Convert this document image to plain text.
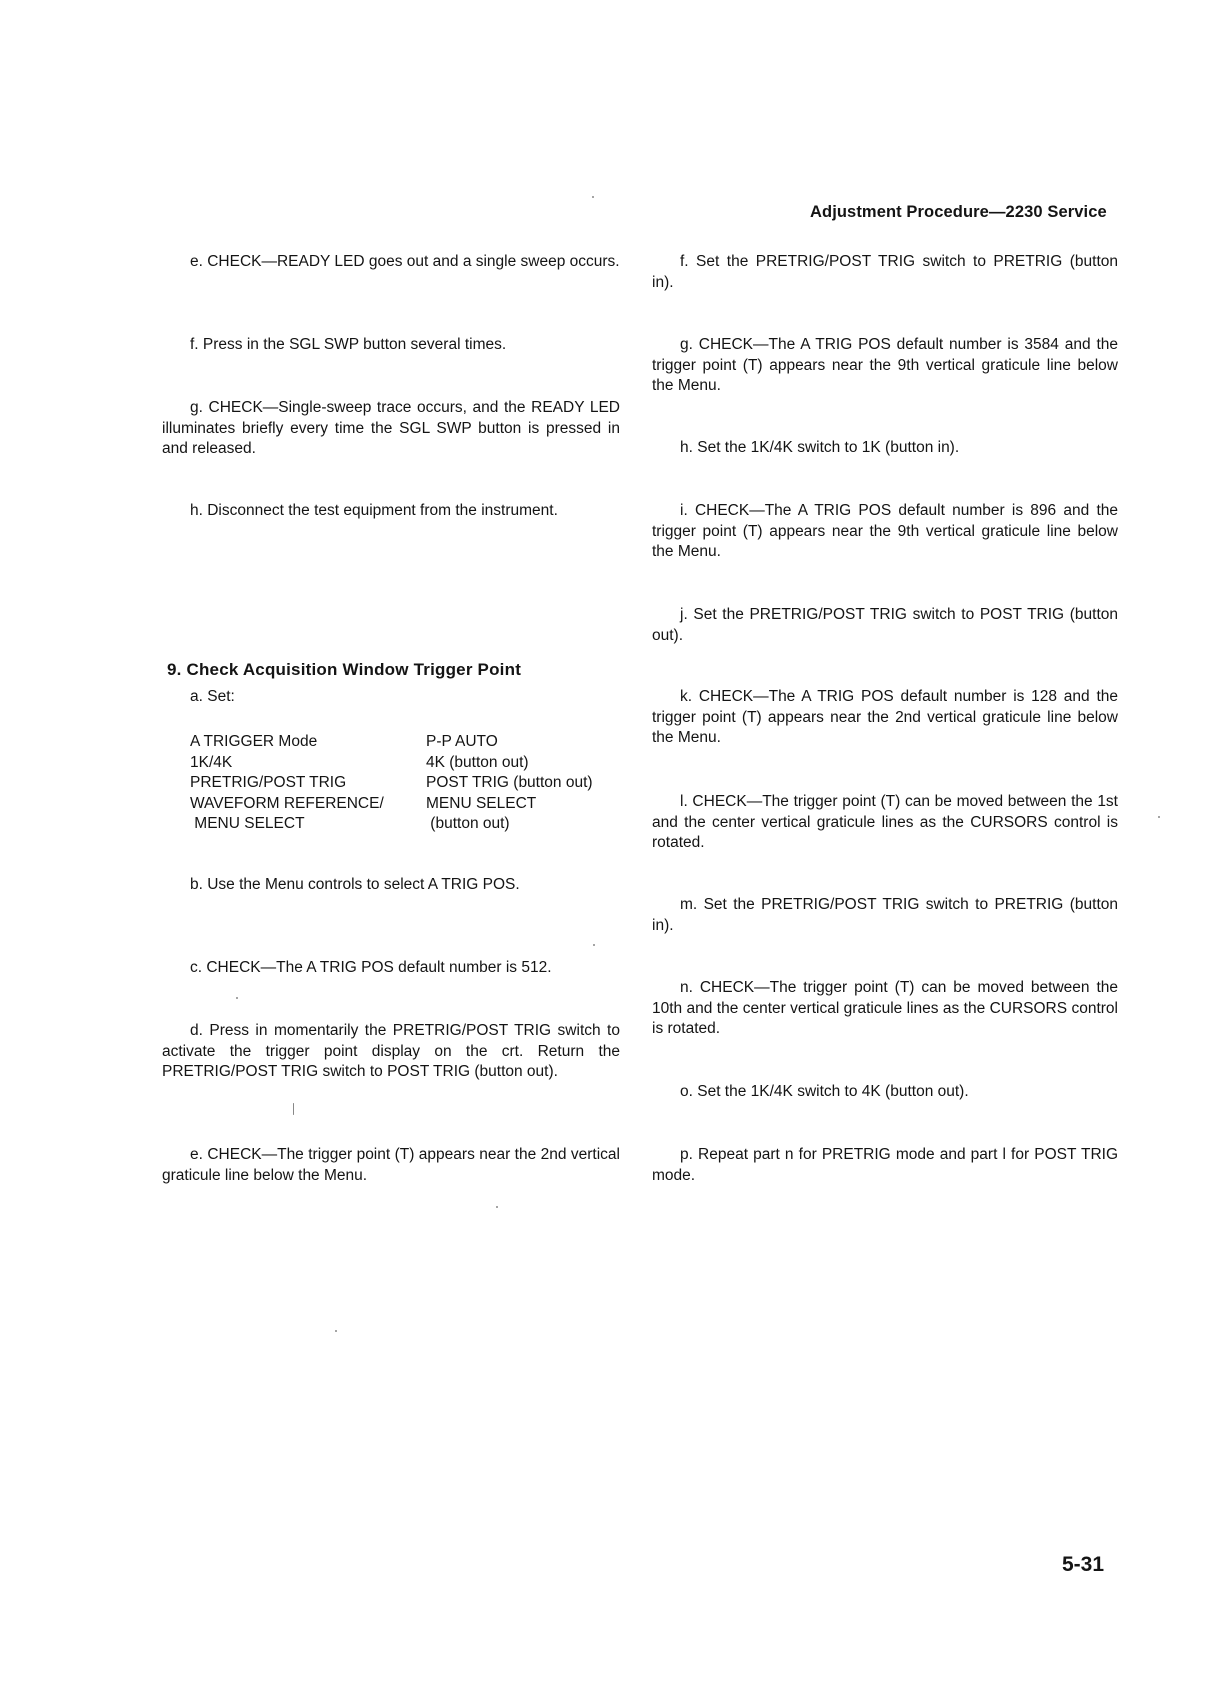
Adjustment Procedure—2230 Service
e. CHECK—READY LED goes out and a single sweep occurs.
f. Press in the SGL SWP button several times.
g. CHECK—Single-sweep trace occurs, and the READY LED illuminates briefly every time the SGL SWP button is pressed in and released.
h. Disconnect the test equipment from the instrument.
9. Check Acquisition Window Trigger Point
a. Set:
A TRIGGER Mode	P-P AUTO
1K/4K	4K (button out)
PRETRIG/POST TRIG	POST TRIG (button out)
WAVEFORM REFERENCE/	MENU SELECT
MENU SELECT	(button out)
b. Use the Menu controls to select A TRIG POS.
c. CHECK—The A TRIG POS default number is 512.
d. Press in momentarily the PRETRIG/POST TRIG switch to activate the trigger point display on the crt. Return the PRETRIG/POST TRIG switch to POST TRIG (button out).
e. CHECK—The trigger point (T) appears near the 2nd vertical graticule line below the Menu.
f. Set the PRETRIG/POST TRIG switch to PRETRIG (button in).
g. CHECK—The A TRIG POS default number is 3584 and the trigger point (T) appears near the 9th vertical graticule line below the Menu.
h. Set the 1K/4K switch to 1K (button in).
i. CHECK—The A TRIG POS default number is 896 and the trigger point (T) appears near the 9th vertical graticule line below the Menu.
j. Set the PRETRIG/POST TRIG switch to POST TRIG (button out).
k. CHECK—The A TRIG POS default number is 128 and the trigger point (T) appears near the 2nd vertical graticule line below the Menu.
l. CHECK—The trigger point (T) can be moved between the 1st and the center vertical graticule lines as the CURSORS control is rotated.
m. Set the PRETRIG/POST TRIG switch to PRETRIG (button in).
n. CHECK—The trigger point (T) can be moved between the 10th and the center vertical graticule lines as the CURSORS control is rotated.
o. Set the 1K/4K switch to 4K (button out).
p. Repeat part n for PRETRIG mode and part l for POST TRIG mode.
5-31
